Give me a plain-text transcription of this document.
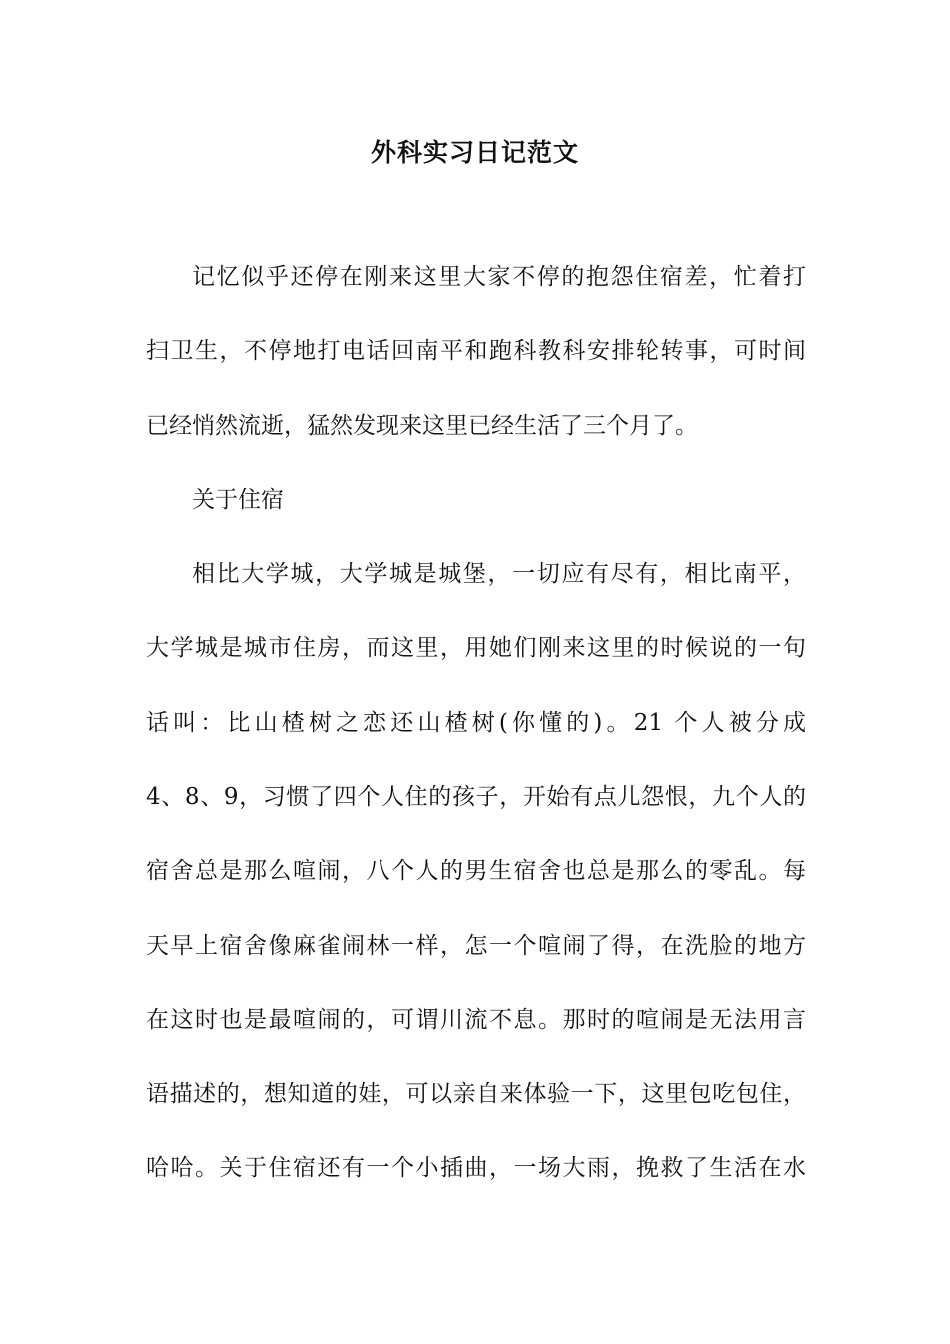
外科实习日记范文
记忆似乎还停在刚来这里大家不停的抱怨住宿差，忙着打
扫卫生，不停地打电话回南平和跑科教科安排轮转事，可时间
已经悄然流逝，猛然发现来这里已经生活了三个月了。
关于住宿
相比大学城，大学城是城堡，一切应有尽有，相比南平，
大学城是城市住房，而这里，用她们刚来这里的时候说的一句
话叫：比山楂树之恋还山楂树(你懂的)。21 个人被分成
4、8、9，习惯了四个人住的孩子，开始有点儿怨恨，九个人的
宿舍总是那么喧闹，八个人的男生宿舍也总是那么的零乱。每
天早上宿舍像麻雀闹林一样，怎一个喧闹了得，在洗脸的地方
在这时也是最喧闹的，可谓川流不息。那时的喧闹是无法用言
语描述的，想知道的娃，可以亲自来体验一下，这里包吃包住，
哈哈。关于住宿还有一个小插曲，一场大雨，挽救了生活在水
